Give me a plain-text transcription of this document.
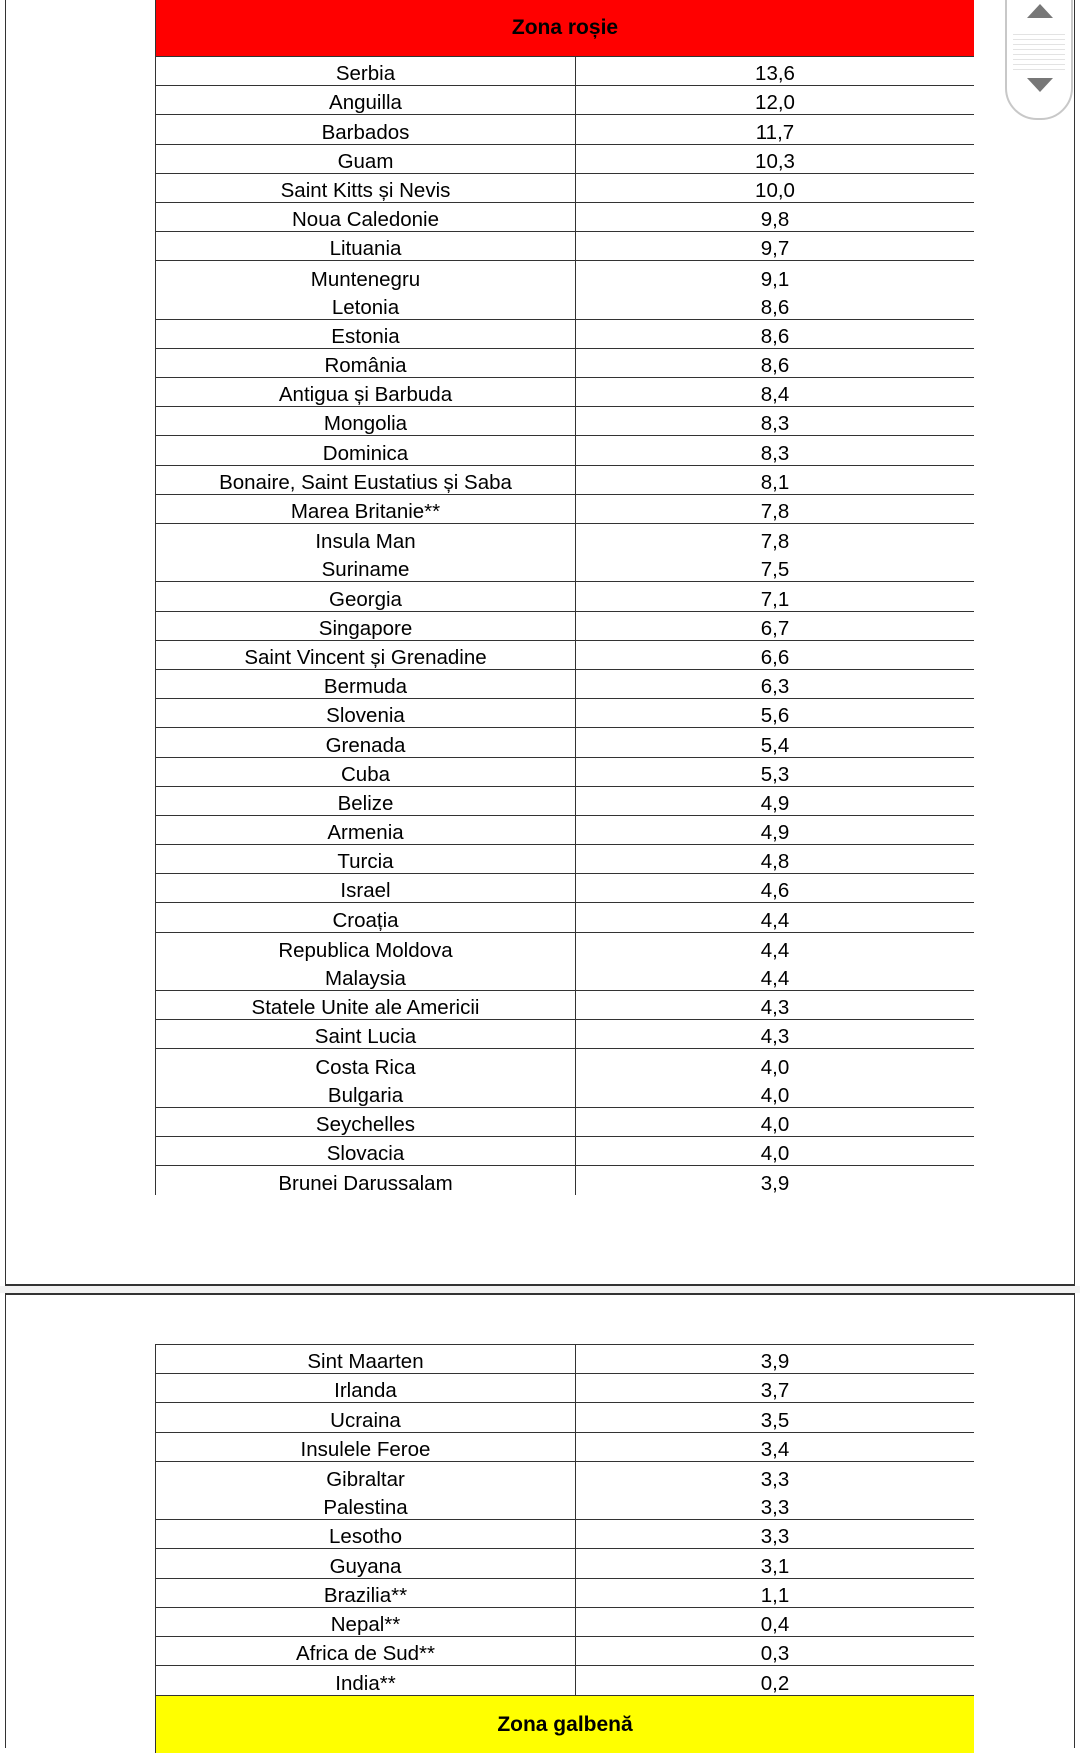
Zona roșie
Serbia	13,6
Anguilla	12,0
Barbados	11,7
Guam	10,3
Saint Kitts și Nevis	10,0
Noua Caledonie	9,8
Lituania	9,7
Muntenegru	9,1
Letonia	8,6
Estonia	8,6
România	8,6
Antigua și Barbuda	8,4
Mongolia	8,3
Dominica	8,3
Bonaire, Saint Eustatius și Saba	8,1
Marea Britanie**	7,8
Insula Man	7,8
Suriname	7,5
Georgia	7,1
Singapore	6,7
Saint Vincent și Grenadine	6,6
Bermuda	6,3
Slovenia	5,6
Grenada	5,4
Cuba	5,3
Belize	4,9
Armenia	4,9
Turcia	4,8
Israel	4,6
Croația	4,4
Republica Moldova	4,4
Malaysia	4,4
Statele Unite ale Americii	4,3
Saint Lucia	4,3
Costa Rica	4,0
Bulgaria	4,0
Seychelles	4,0
Slovacia	4,0
Brunei Darussalam	3,9
Sint Maarten	3,9
Irlanda	3,7
Ucraina	3,5
Insulele Feroe	3,4
Gibraltar	3,3
Palestina	3,3
Lesotho	3,3
Guyana	3,1
Brazilia**	1,1
Nepal**	0,4
Africa de Sud**	0,3
India**	0,2
Zona galbenă
